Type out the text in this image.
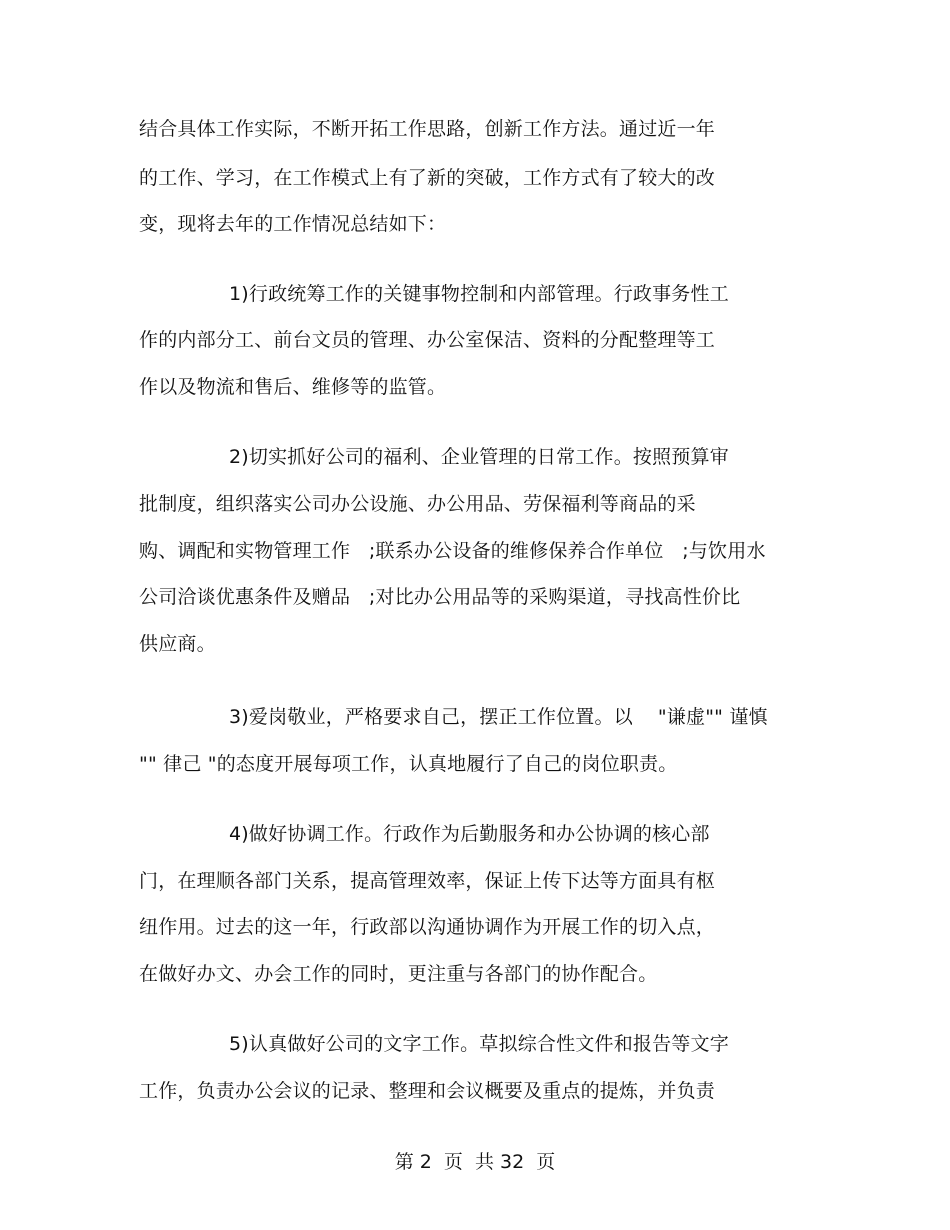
结合具体工作实际，不断开拓工作思路，创新工作方法。通过近一年
的工作、学习，在工作模式上有了新的突破，工作方式有了较大的改
变，现将去年的工作情况总结如下：
1)行政统筹工作的关键事物控制和内部管理。行政事务性工
作的内部分工、前台文员的管理、办公室保洁、资料的分配整理等工
作以及物流和售后、维修等的监管。
2)切实抓好公司的福利、企业管理的日常工作。按照预算审
批制度，组织落实公司办公设施、办公用品、劳保福利等商品的采
购、调配和实物管理工作   ;联系办公设备的维修保养合作单位   ;与饮用水
公司洽谈优惠条件及赠品   ;对比办公用品等的采购渠道，寻找高性价比
供应商。
3)爱岗敬业，严格要求自己，摆正工作位置。以    "谦虚"" 谨慎
"" 律己 "的态度开展每项工作，认真地履行了自己的岗位职责。
4)做好协调工作。行政作为后勤服务和办公协调的核心部
门，在理顺各部门关系，提高管理效率，保证上传下达等方面具有枢
纽作用。过去的这一年，行政部以沟通协调作为开展工作的切入点，
在做好办文、办会工作的同时，更注重与各部门的协作配合。
5)认真做好公司的文字工作。草拟综合性文件和报告等文字
工作，负责办公会议的记录、整理和会议概要及重点的提炼，并负责
第 2  页  共 32  页
